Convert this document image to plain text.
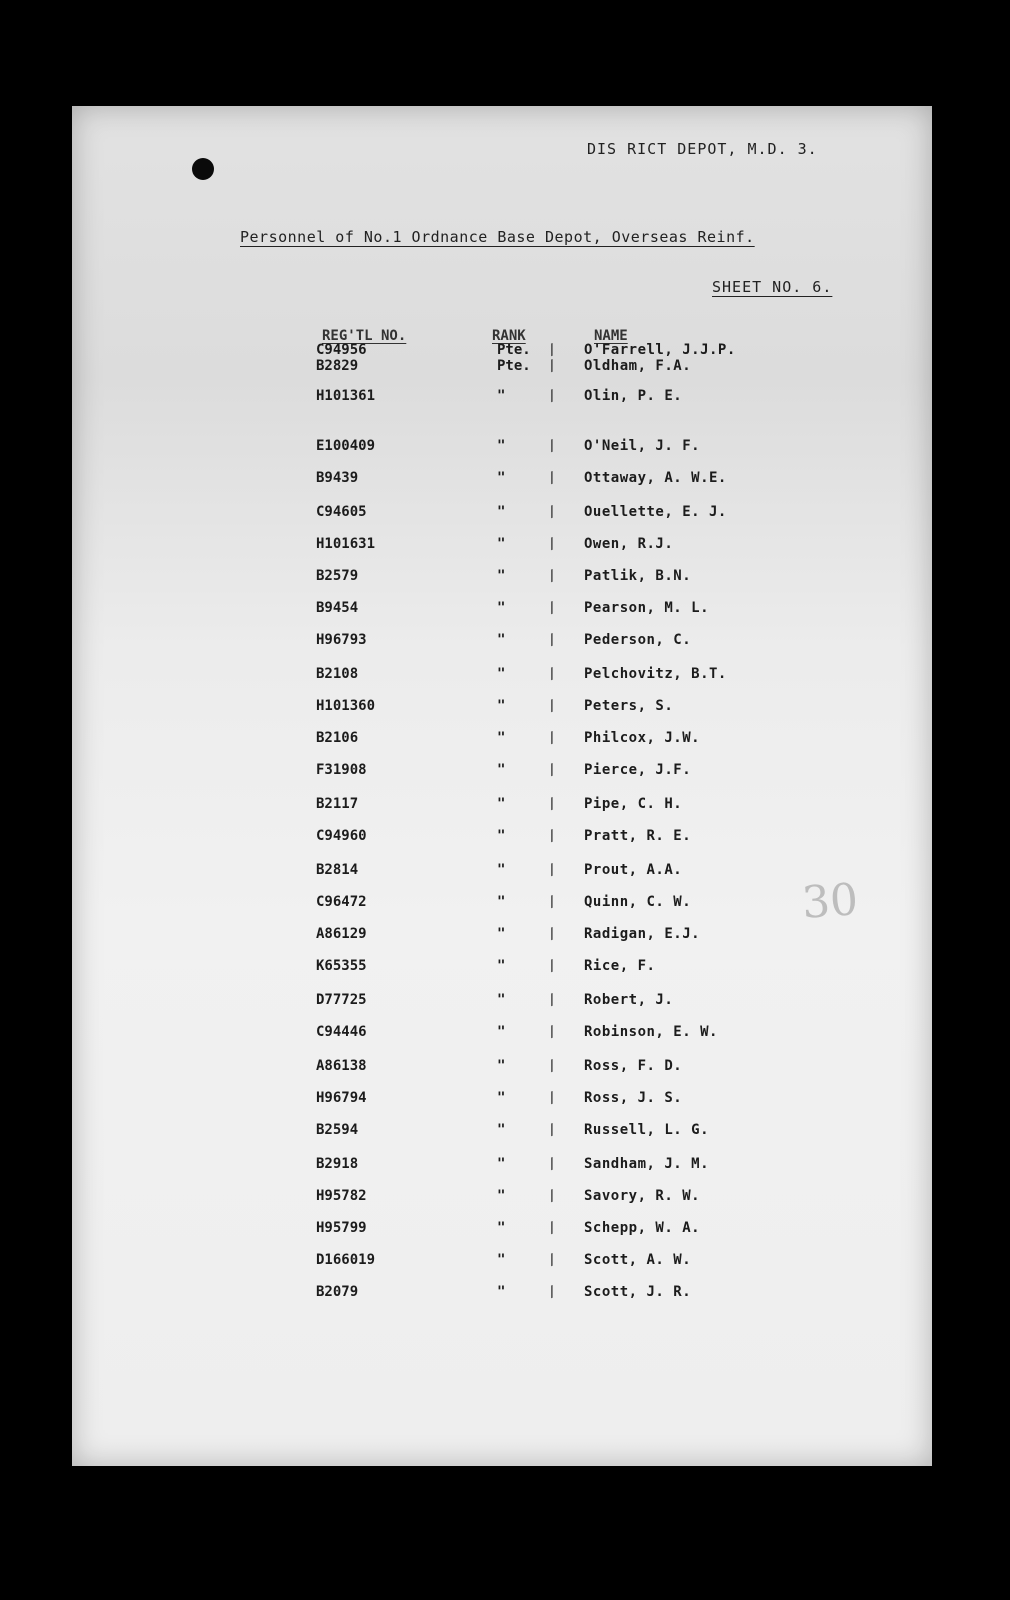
DIS RICT DEPOT, M.D. 3.
Personnel of No.1 Ordnance Base Depot, Overseas Reinf.
SHEET NO. 6.
REG'TL NO.	RANK	NAME
C94956	Pte. / O'Farrell, J.J.P.
B2829	Pte. / Oldham, F.A.
H101361	"	/ Olin, P. E.
E100409	"	/ O'Neil, J. F.
B9439	"	/ Ottaway, A. W.E.
C94605	"	/ Ouellette, E. J.
H101631	"	/ Owen, R.J.
B2579	"	/ Patlik, B.N.
B9454	"	/ Pearson, M. L.
H96793	"	/ Pederson, C.
B2108	"	/ Pelchovitz, B.T.
H101360	"	/ Peters, S.
B2106	"	/ Philcox, J.W.
F31908	"	/ Pierce, J.F.
B2117	"	/ Pipe, C. H.
C94960	"	/ Pratt, R. E.
B2814	"	/ Prout, A.A.
C96472	"	/ Quinn, C. W.
A86129	"	/ Radigan, E.J.
K65355	"	/ Rice, F.
D77725	"	/ Robert, J.
C94446	"	/ Robinson, E. W.
A86138	"	/ Ross, F. D.
H96794	"	/ Ross, J. S.
B2594	"	/ Russell, L. G.
B2918	"	/ Sandham, J. M.
H95782	"	/ Savory, R. W.
H95799	"	/ Schepp, W. A.
D166019	"	/ Scott, A. W.
B2079	"	/ Scott, J. R.
30
